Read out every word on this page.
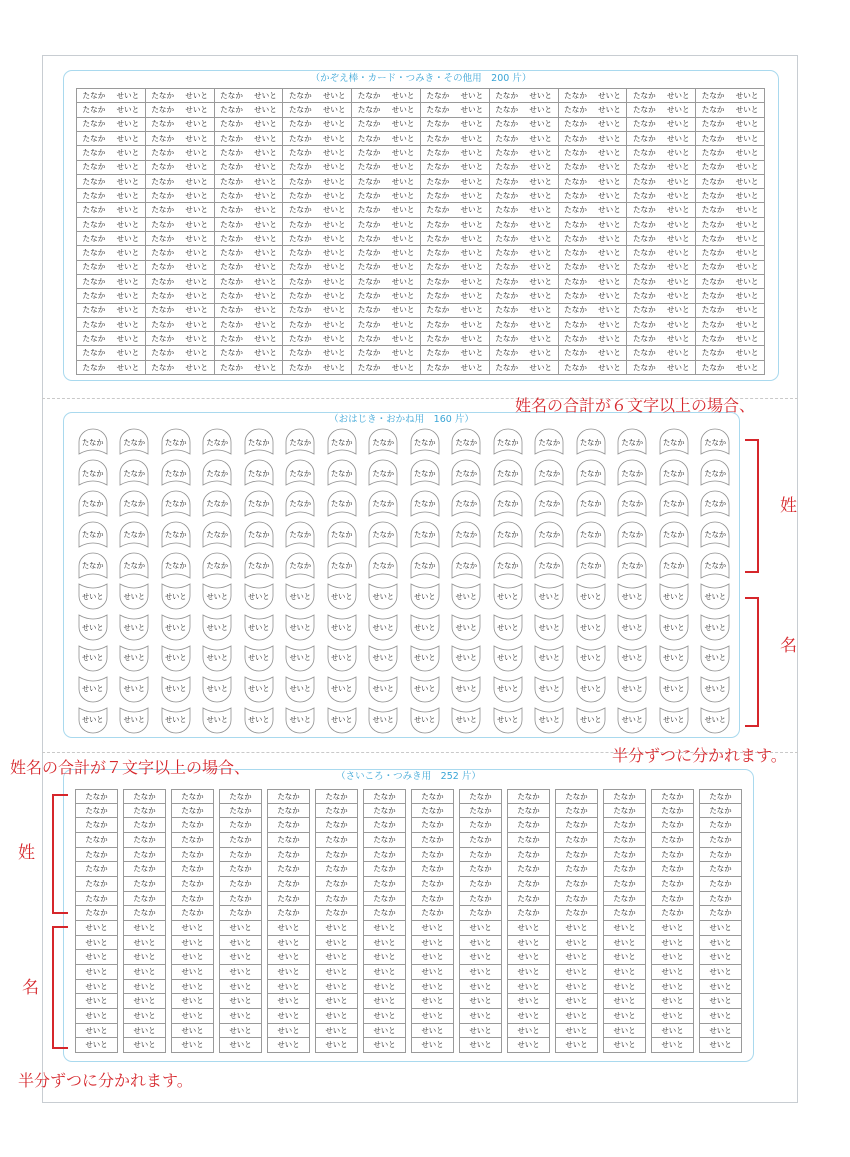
（かぞえ棒・カード・つみき・その他用　200 片）
たなか せいと たなか せいと たなか せいと たなか せいと たなか せいと たなか せいと たなか せいと たなか せいと たなか せいと たなか せいと
たなか せいと たなか せいと たなか せいと たなか せいと たなか せいと たなか せいと たなか せいと たなか せいと たなか せいと たなか せいと
たなか せいと たなか せいと たなか せいと たなか せいと たなか せいと たなか せいと たなか せいと たなか せいと たなか せいと たなか せいと
たなか せいと たなか せいと たなか せいと たなか せいと たなか せいと たなか せいと たなか せいと たなか せいと たなか せいと たなか せいと
たなか せいと たなか せいと たなか せいと たなか せいと たなか せいと たなか せいと たなか せいと たなか せいと たなか せいと たなか せいと
たなか せいと たなか せいと たなか せいと たなか せいと たなか せいと たなか せいと たなか せいと たなか せいと たなか せいと たなか せいと
たなか せいと たなか せいと たなか せいと たなか せいと たなか せいと たなか せいと たなか せいと たなか せいと たなか せいと たなか せいと
たなか せいと たなか せいと たなか せいと たなか せいと たなか せいと たなか せいと たなか せいと たなか せいと たなか せいと たなか せいと
たなか せいと たなか せいと たなか せいと たなか せいと たなか せいと たなか せいと たなか せいと たなか せいと たなか せいと たなか せいと
たなか せいと たなか せいと たなか せいと たなか せいと たなか せいと たなか せいと たなか せいと たなか せいと たなか せいと たなか せいと
たなか せいと たなか せいと たなか せいと たなか せいと たなか せいと たなか せいと たなか せいと たなか せいと たなか せいと たなか せいと
たなか せいと たなか せいと たなか せいと たなか せいと たなか せいと たなか せいと たなか せいと たなか せいと たなか せいと たなか せいと
たなか せいと たなか せいと たなか せいと たなか せいと たなか せいと たなか せいと たなか せいと たなか せいと たなか せいと たなか せいと
たなか せいと たなか せいと たなか せいと たなか せいと たなか せいと たなか せいと たなか せいと たなか せいと たなか せいと たなか せいと
たなか せいと たなか せいと たなか せいと たなか せいと たなか せいと たなか せいと たなか せいと たなか せいと たなか せいと たなか せいと
たなか せいと たなか せいと たなか せいと たなか せいと たなか せいと たなか せいと たなか せいと たなか せいと たなか せいと たなか せいと
たなか せいと たなか せいと たなか せいと たなか せいと たなか せいと たなか せいと たなか せいと たなか せいと たなか せいと たなか せいと
たなか せいと たなか せいと たなか せいと たなか せいと たなか せいと たなか せいと たなか せいと たなか せいと たなか せいと たなか せいと
たなか せいと たなか せいと たなか せいと たなか せいと たなか せいと たなか せいと たなか せいと たなか せいと たなか せいと たなか せいと
たなか せいと たなか せいと たなか せいと たなか せいと たなか せいと たなか せいと たなか せいと たなか せいと たなか せいと たなか せいと
（おはじき・おかね用　160 片）
たなか	たなか	たなか	たなか	たなか	たなか	たなか	たなか	たなか	たなか	たなか	たなか	たなか	たなか	たなか	たなか
たなか	たなか	たなか	たなか	たなか	たなか	たなか	たなか	たなか	たなか	たなか	たなか	たなか	たなか	たなか	たなか
たなか	たなか	たなか	たなか	たなか	たなか	たなか	たなか	たなか	たなか	たなか	たなか	たなか	たなか	たなか	たなか
たなか	たなか	たなか	たなか	たなか	たなか	たなか	たなか	たなか	たなか	たなか	たなか	たなか	たなか	たなか	たなか
たなか	たなか	たなか	たなか	たなか	たなか	たなか	たなか	たなか	たなか	たなか	たなか	たなか	たなか	たなか	たなか
せいと	せいと	せいと	せいと	せいと	せいと	せいと	せいと	せいと	せいと	せいと	せいと	せいと	せいと	せいと	せいと
せいと	せいと	せいと	せいと	せいと	せいと	せいと	せいと	せいと	せいと	せいと	せいと	せいと	せいと	せいと	せいと
せいと	せいと	せいと	せいと	せいと	せいと	せいと	せいと	せいと	せいと	せいと	せいと	せいと	せいと	せいと	せいと
せいと	せいと	せいと	せいと	せいと	せいと	せいと	せいと	せいと	せいと	せいと	せいと	せいと	せいと	せいと	せいと
せいと	せいと	せいと	せいと	せいと	せいと	せいと	せいと	せいと	せいと	せいと	せいと	せいと	せいと	せいと	せいと
（さいころ・つみき用　252 片）
たなか	たなか	たなか	たなか	たなか	たなか	たなか	たなか	たなか	たなか	たなか	たなか	たなか	たなか
たなか	たなか	たなか	たなか	たなか	たなか	たなか	たなか	たなか	たなか	たなか	たなか	たなか	たなか
たなか	たなか	たなか	たなか	たなか	たなか	たなか	たなか	たなか	たなか	たなか	たなか	たなか	たなか
たなか	たなか	たなか	たなか	たなか	たなか	たなか	たなか	たなか	たなか	たなか	たなか	たなか	たなか
たなか	たなか	たなか	たなか	たなか	たなか	たなか	たなか	たなか	たなか	たなか	たなか	たなか	たなか
たなか	たなか	たなか	たなか	たなか	たなか	たなか	たなか	たなか	たなか	たなか	たなか	たなか	たなか
たなか	たなか	たなか	たなか	たなか	たなか	たなか	たなか	たなか	たなか	たなか	たなか	たなか	たなか
たなか	たなか	たなか	たなか	たなか	たなか	たなか	たなか	たなか	たなか	たなか	たなか	たなか	たなか
たなか	たなか	たなか	たなか	たなか	たなか	たなか	たなか	たなか	たなか	たなか	たなか	たなか	たなか
せいと	せいと	せいと	せいと	せいと	せいと	せいと	せいと	せいと	せいと	せいと	せいと	せいと	せいと
せいと	せいと	せいと	せいと	せいと	せいと	せいと	せいと	せいと	せいと	せいと	せいと	せいと	せいと
せいと	せいと	せいと	せいと	せいと	せいと	せいと	せいと	せいと	せいと	せいと	せいと	せいと	せいと
せいと	せいと	せいと	せいと	せいと	せいと	せいと	せいと	せいと	せいと	せいと	せいと	せいと	せいと
せいと	せいと	せいと	せいと	せいと	せいと	せいと	せいと	せいと	せいと	せいと	せいと	せいと	せいと
せいと	せいと	せいと	せいと	せいと	せいと	せいと	せいと	せいと	せいと	せいと	せいと	せいと	せいと
せいと	せいと	せいと	せいと	せいと	せいと	せいと	せいと	せいと	せいと	せいと	せいと	せいと	せいと
せいと	せいと	せいと	せいと	せいと	せいと	せいと	せいと	せいと	せいと	せいと	せいと	せいと	せいと
せいと	せいと	せいと	せいと	せいと	せいと	せいと	せいと	せいと	せいと	せいと	せいと	せいと	せいと
姓名の合計が６文字以上の場合、
姓
名
半分ずつに分かれます。
姓名の合計が７文字以上の場合、
姓
名
半分ずつに分かれます。
